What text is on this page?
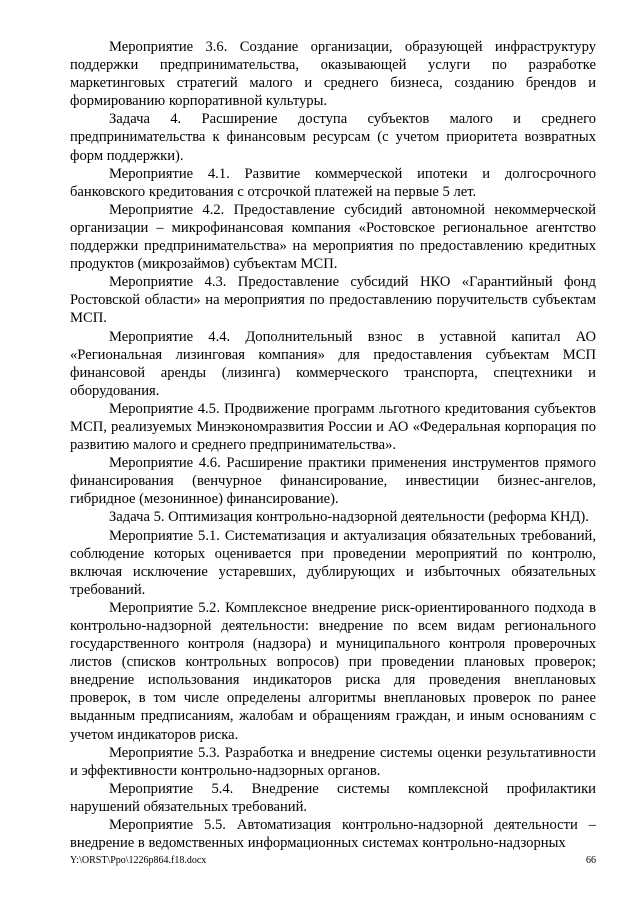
Мероприятие 3.6. Создание организации, образующей инфраструктуру поддержки предпринимательства, оказывающей услуги по разработке маркетинговых стратегий малого и среднего бизнеса, созданию брендов и формированию корпоративной культуры.

Задача 4. Расширение доступа субъектов малого и среднего предпринимательства к финансовым ресурсам (с учетом приоритета возвратных форм поддержки).

Мероприятие 4.1. Развитие коммерческой ипотеки и долгосрочного банковского кредитования с отсрочкой платежей на первые 5 лет.

Мероприятие 4.2. Предоставление субсидий автономной некоммерческой организации – микрофинансовая компания «Ростовское региональное агентство поддержки предпринимательства» на мероприятия по предоставлению кредитных продуктов (микрозаймов) субъектам МСП.

Мероприятие 4.3. Предоставление субсидий НКО «Гарантийный фонд Ростовской области» на мероприятия по предоставлению поручительств субъектам МСП.

Мероприятие 4.4. Дополнительный взнос в уставной капитал АО «Региональная лизинговая компания» для предоставления субъектам МСП финансовой аренды (лизинга) коммерческого транспорта, спецтехники и оборудования.

Мероприятие 4.5. Продвижение программ льготного кредитования субъектов МСП, реализуемых Минэкономразвития России и АО «Федеральная корпорация по развитию малого и среднего предпринимательства».

Мероприятие 4.6. Расширение практики применения инструментов прямого финансирования (венчурное финансирование, инвестиции бизнес-ангелов, гибридное (мезонинное) финансирование).

Задача 5. Оптимизация контрольно-надзорной деятельности (реформа КНД).

Мероприятие 5.1. Систематизация и актуализация обязательных требований, соблюдение которых оценивается при проведении мероприятий по контролю, включая исключение устаревших, дублирующих и избыточных обязательных требований.

Мероприятие 5.2. Комплексное внедрение риск-ориентированного подхода в контрольно-надзорной деятельности: внедрение по всем видам регионального государственного контроля (надзора) и муниципального контроля проверочных листов (списков контрольных вопросов) при проведении плановых проверок; внедрение использования индикаторов риска для проведения внеплановых проверок, в том числе определены алгоритмы внеплановых проверок по ранее выданным предписаниям, жалобам и обращениям граждан, и иным основаниям с учетом индикаторов риска.

Мероприятие 5.3. Разработка и внедрение системы оценки результативности и эффективности контрольно-надзорных органов.

Мероприятие 5.4. Внедрение системы комплексной профилактики нарушений обязательных требований.

Мероприятие 5.5. Автоматизация контрольно-надзорной деятельности – внедрение в ведомственных информационных системах контрольно-надзорных

Y:\ORST\Ppo\1226p864.f18.docx	66
